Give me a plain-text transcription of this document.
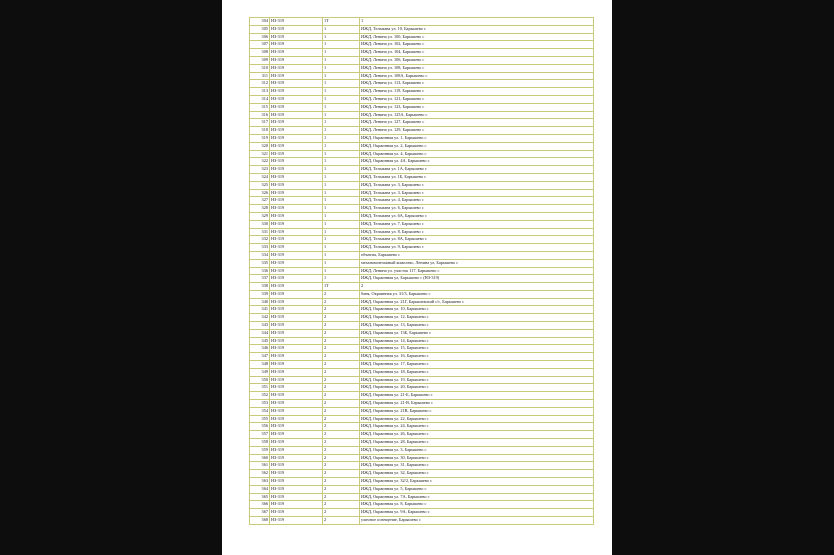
304	НЗ-319	1Т	1
305	НЗ-319	1	ИЖД, Тельмана ул. 10, Барышево с
306	НЗ-319	1	ИЖД, Ленина ул. 100, Барышево с
307	НЗ-319	1	ИЖД, Ленина ул. 102, Барышево с
308	НЗ-319	1	ИЖД, Ленина ул. 104, Барышево с
309	НЗ-319	1	ИЖД, Ленина ул. 106, Барышево с
310	НЗ-319	1	ИЖД, Ленина ул. 108, Барышево с
311	НЗ-319	1	ИЖД, Ленина ул. 108А, Барышево с
312	НЗ-319	1	ИЖД, Ленина ул. 113, Барышево с
313	НЗ-319	1	ИЖД, Ленина ул. 119, Барышево с
314	НЗ-319	1	ИЖД, Ленина ул. 121, Барышево с
315	НЗ-319	1	ИЖД, Ленина ул. 123, Барышево с
316	НЗ-319	1	ИЖД, Ленина ул. 125А, Барышево с
317	НЗ-319	1	ИЖД, Ленина ул. 127, Барышево с
318	НЗ-319	1	ИЖД, Ленина ул. 129, Барышево с
319	НЗ-319	1	ИЖД, Окраинная ул. 1, Барышево с
320	НЗ-319	1	ИЖД, Окраинная ул. 2, Барышево с
321	НЗ-319	1	ИЖД, Окраинная ул. 4, Барышево с
322	НЗ-319	1	ИЖД, Окраинная ул. 4А, Барышево с
323	НЗ-319	1	ИЖД, Тельмана ул. 1А, Барышево с
324	НЗ-319	1	ИЖД, Тельмана ул. 1Б, Барышево с
325	НЗ-319	1	ИЖД, Тельмана ул. 3, Барышево с
326	НЗ-319	1	ИЖД, Тельмана ул. 3, Барышево с
327	НЗ-319	1	ИЖД, Тельмана ул. 4, Барышево с
328	НЗ-319	1	ИЖД, Тельмана ул. 6, Барышево с
329	НЗ-319	1	ИЖД, Тельмана ул. 6А, Барышево с
330	НЗ-319	1	ИЖД, Тельмана ул. 7, Барышево с
331	НЗ-319	1	ИЖД, Тельмана ул. 8, Барышево с
332	НЗ-319	1	ИЖД, Тельмана ул. 8А, Барышево с
333	НЗ-319	1	ИЖД, Тельмана ул. 9, Барышево с
334	НЗ-319	1	объекты, Барышево с
335	НЗ-319	1	механомонтажный комплекс, Ленина ул, Барышево с
336	НЗ-319	1	ИЖД, Ленина ул. участок 117, Барышево с
337	НЗ-319	1	ИЖД, Окраинная ул, Барышево с (НЗ-319)
338	НЗ-319	1Т	2
339	НЗ-319	2	баня, Окраинная ул. 31/3, Барышево с
340	НЗ-319	2	ИЖД, Окраинная ул. 21Г, Барышевский с/с, Барышево с
341	НЗ-319	2	ИЖД, Окраинная ул. 10, Барышево с
342	НЗ-319	2	ИЖД, Окраинная ул. 12, Барышево с
343	НЗ-319	2	ИЖД, Окраинная ул. 13, Барышево с
344	НЗ-319	2	ИЖД, Окраинная ул. 13Б, Барышево с
345	НЗ-319	2	ИЖД, Окраинная ул. 14, Барышево с
346	НЗ-319	2	ИЖД, Окраинная ул. 15, Барышево с
347	НЗ-319	2	ИЖД, Окраинная ул. 16, Барышево с
348	НЗ-319	2	ИЖД, Окраинная ул. 17, Барышево с
349	НЗ-319	2	ИЖД, Окраинная ул. 18, Барышево с
350	НЗ-319	2	ИЖД, Окраинная ул. 19, Барышево с
351	НЗ-319	2	ИЖД, Окраинная ул. 20, Барышево с
352	НЗ-319	2	ИЖД, Окраинная ул. 21-Б, Барышево с
353	НЗ-319	2	ИЖД, Окраинная ул. 21-В, Барышево с
354	НЗ-319	2	ИЖД, Окраинная ул. 21В, Барышево с
355	НЗ-319	2	ИЖД, Окраинная ул. 22, Барышево с
356	НЗ-319	2	ИЖД, Окраинная ул. 24, Барышево с
357	НЗ-319	2	ИЖД, Окраинная ул. 26, Барышево с
358	НЗ-319	2	ИЖД, Окраинная ул. 28, Барышево с
359	НЗ-319	2	ИЖД, Окраинная ул. 3, Барышево с
360	НЗ-319	2	ИЖД, Окраинная ул. 30, Барышево с
361	НЗ-319	2	ИЖД, Окраинная ул. 31, Барышево с
362	НЗ-319	2	ИЖД, Окраинная ул. 32, Барышево с
363	НЗ-319	2	ИЖД, Окраинная ул. 32/2, Барышево с
364	НЗ-319	2	ИЖД, Окраинная ул. 5, Барышево с
365	НЗ-319	2	ИЖД, Окраинная ул. 7А, Барышево с
366	НЗ-319	2	ИЖД, Окраинная ул. 8, Барышево с
367	НЗ-319	2	ИЖД, Окраинная ул. 9А, Барышево с
368	НЗ-319	2	уличное освещение, Барышево с
